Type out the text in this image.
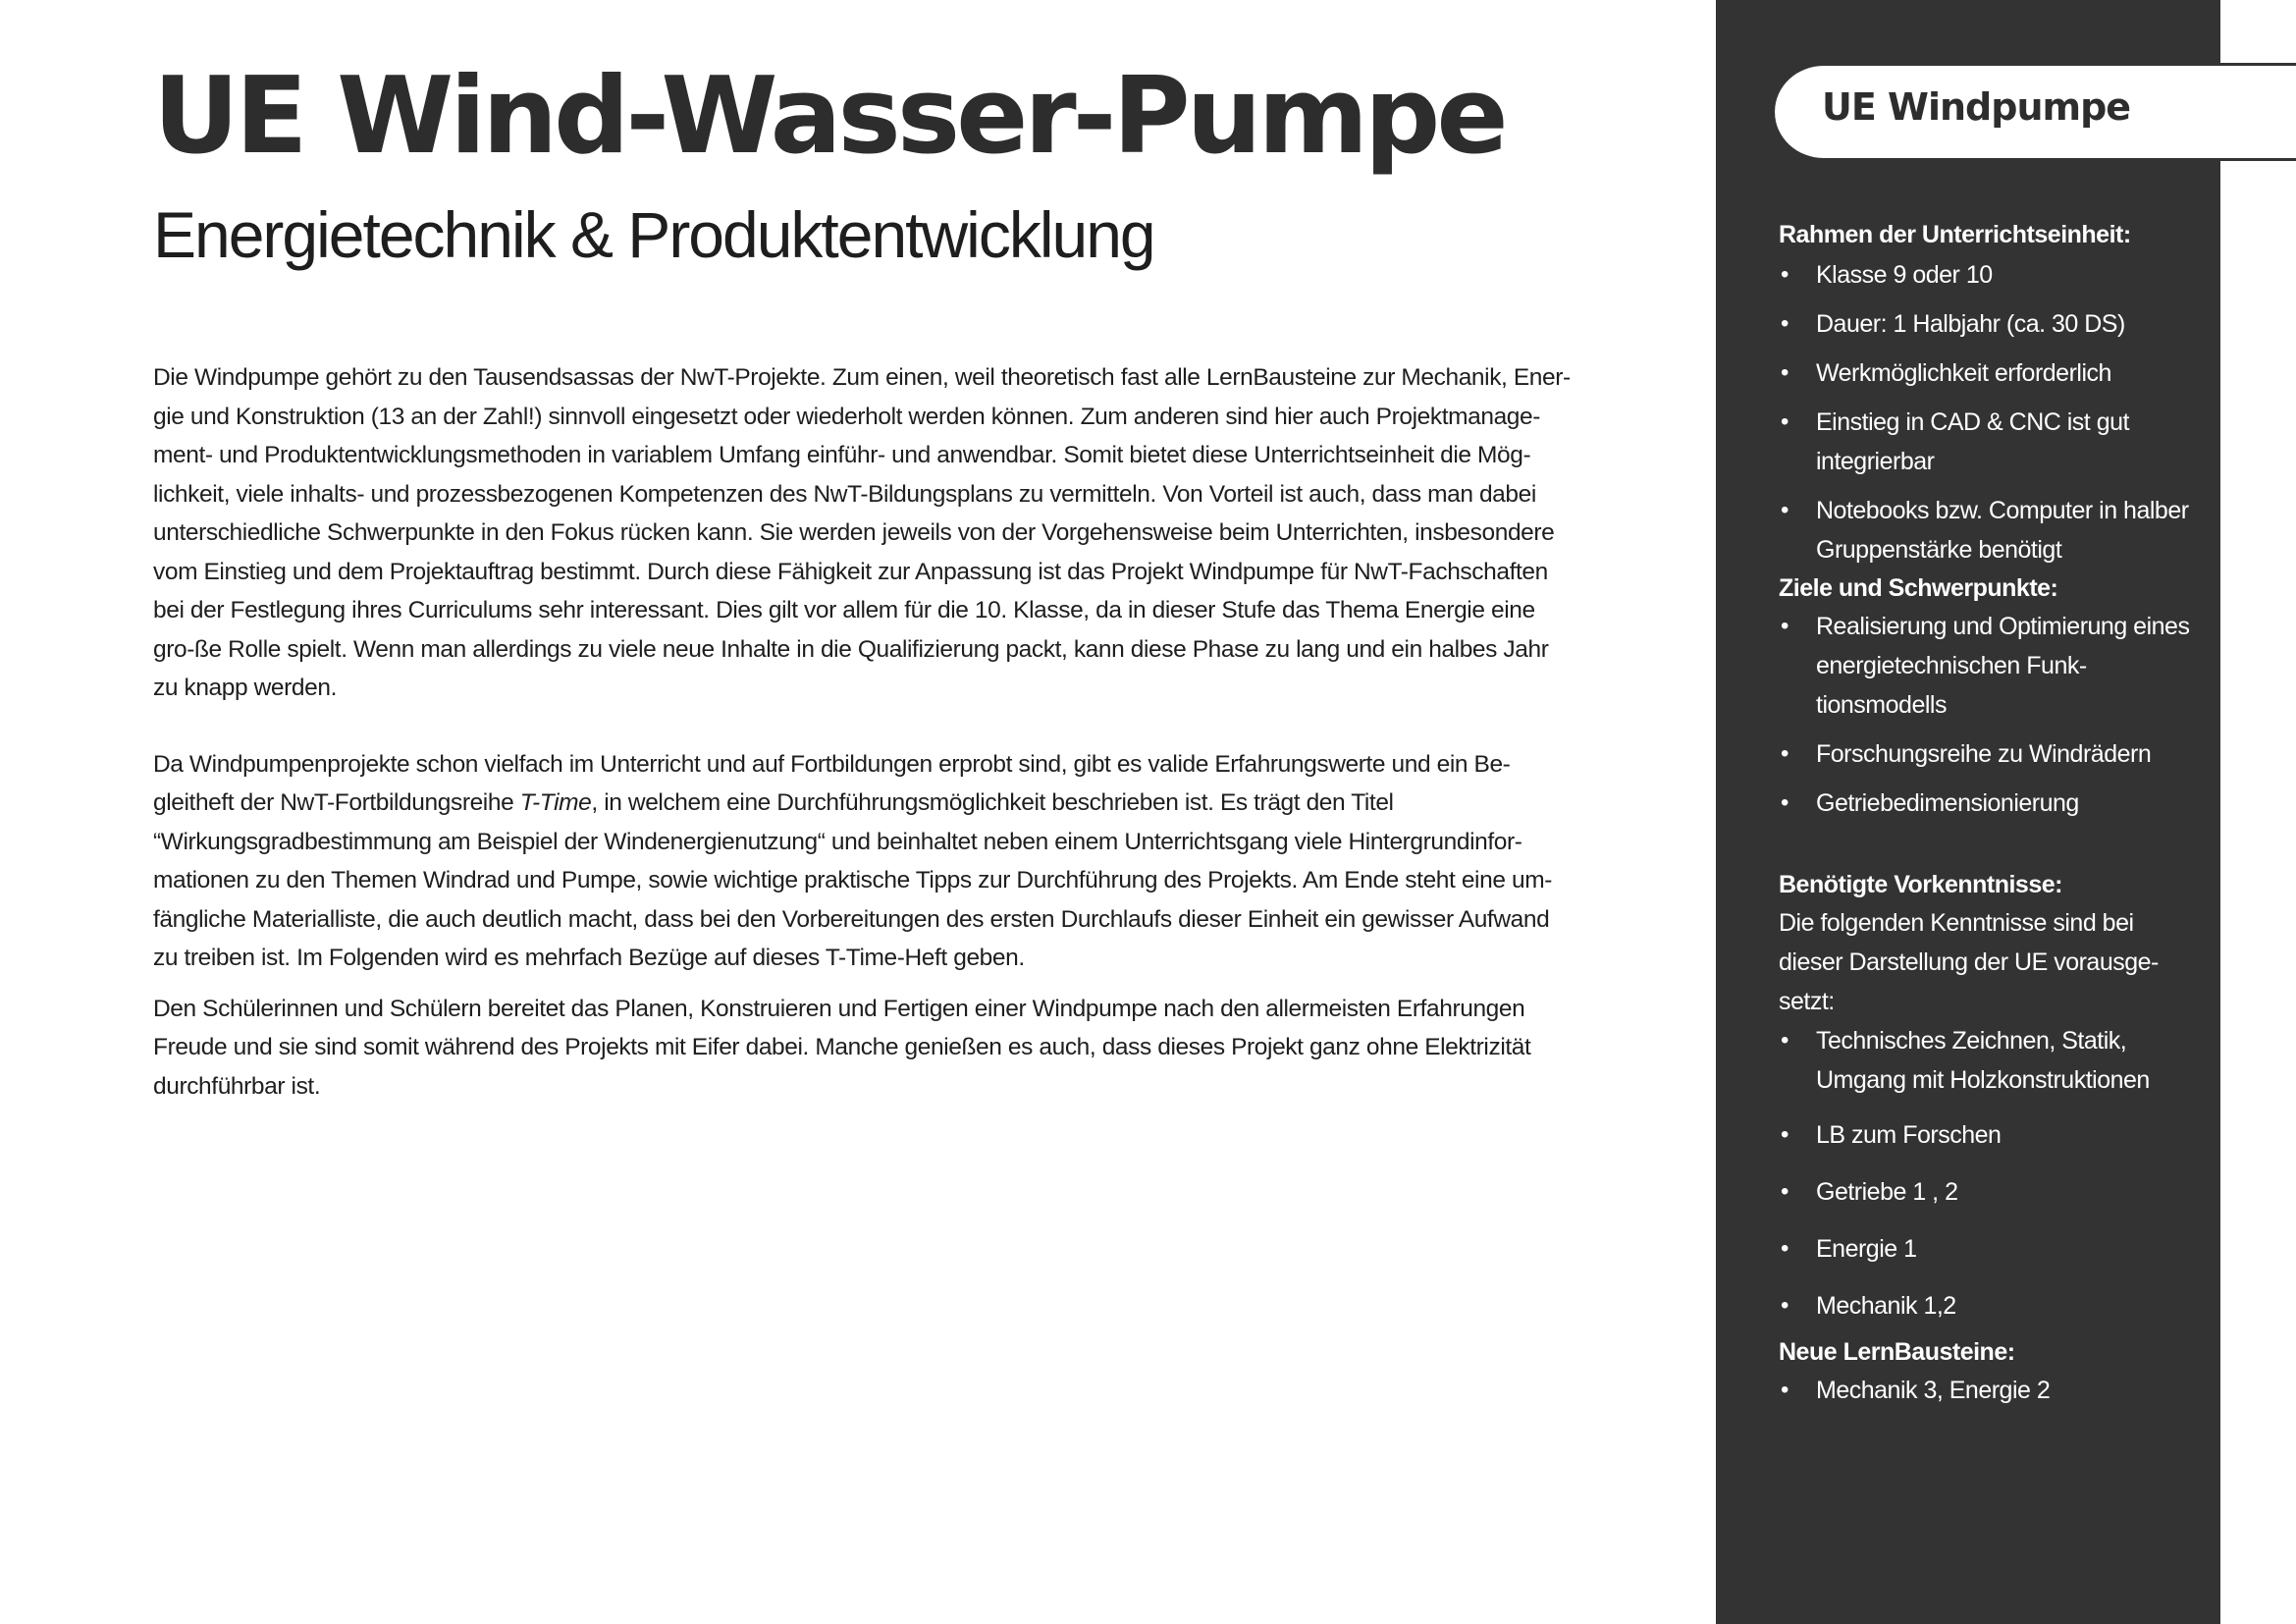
UE Wind-Wasser-Pumpe
Energietechnik & Produktentwicklung

Die Windpumpe gehört zu den Tausendsassas der NwT-Projekte. Zum einen, weil theoretisch fast alle LernBausteine zur Mechanik, Ener-gie und Konstruktion (13 an der Zahl!) sinnvoll eingesetzt oder wiederholt werden können. Zum anderen sind hier auch Projektmanage-ment- und Produktentwicklungsmethoden in variablem Umfang einführ- und anwendbar. Somit bietet diese Unterrichtseinheit die Mög-lichkeit, viele inhalts- und prozessbezogenen Kompetenzen des NwT-Bildungsplans zu vermitteln. Von Vorteil ist auch, dass man dabei unterschiedliche Schwerpunkte in den Fokus rücken kann. Sie werden jeweils von der Vorgehensweise beim Unterrichten, insbesondere vom Einstieg und dem Projektauftrag bestimmt. Durch diese Fähigkeit zur Anpassung ist das Projekt Windpumpe für NwT-Fachschaften bei der Festlegung ihres Curriculums sehr interessant. Dies gilt vor allem für die 10. Klasse, da in dieser Stufe das Thema Energie eine gro-ße Rolle spielt. Wenn man allerdings zu viele neue Inhalte in die Qualifizierung packt, kann diese Phase zu lang und ein halbes Jahr zu knapp werden.

Da Windpumpenprojekte schon vielfach im Unterricht und auf Fortbildungen erprobt sind, gibt es valide Erfahrungswerte und ein Be-gleitheft der NwT-Fortbildungsreihe T-Time, in welchem eine Durchführungsmöglichkeit beschrieben ist. Es trägt den Titel “Wirkungsgradbestimmung am Beispiel der Windenergienutzung“ und beinhaltet neben einem Unterrichtsgang viele Hintergrundinfor-mationen zu den Themen Windrad und Pumpe, sowie wichtige praktische Tipps zur Durchführung des Projekts. Am Ende steht eine um-fängliche Materialliste, die auch deutlich macht, dass bei den Vorbereitungen des ersten Durchlaufs dieser Einheit ein gewisser Aufwand zu treiben ist. Im Folgenden wird es mehrfach Bezüge auf dieses T-Time-Heft geben.

Den Schülerinnen und Schülern bereitet das Planen, Konstruieren und Fertigen einer Windpumpe nach den allermeisten Erfahrungen Freude und sie sind somit während des Projekts mit Eifer dabei. Manche genießen es auch, dass dieses Projekt ganz ohne Elektrizität durchführbar ist.

UE Windpumpe

Rahmen der Unterrichtseinheit:

• Klasse 9 oder 10
• Dauer: 1 Halbjahr (ca. 30 DS)
• Werkmöglichkeit erforderlich
• Einstieg in CAD & CNC ist gut integrierbar
• Notebooks bzw. Computer in halber Gruppenstärke benötigt

Ziele und Schwerpunkte:

• Realisierung und Optimierung eines energietechnischen Funk-tionsmodells
• Forschungsreihe zu Windrädern
• Getriebedimensionierung

Benötigte Vorkenntnisse:

Die folgenden Kenntnisse sind bei dieser Darstellung der UE vorausge-setzt:

• Technisches Zeichnen, Statik, Umgang mit Holzkonstruktionen
• LB zum Forschen
• Getriebe 1 , 2
• Energie 1
• Mechanik 1,2

Neue LernBausteine:

• Mechanik 3, Energie 2
